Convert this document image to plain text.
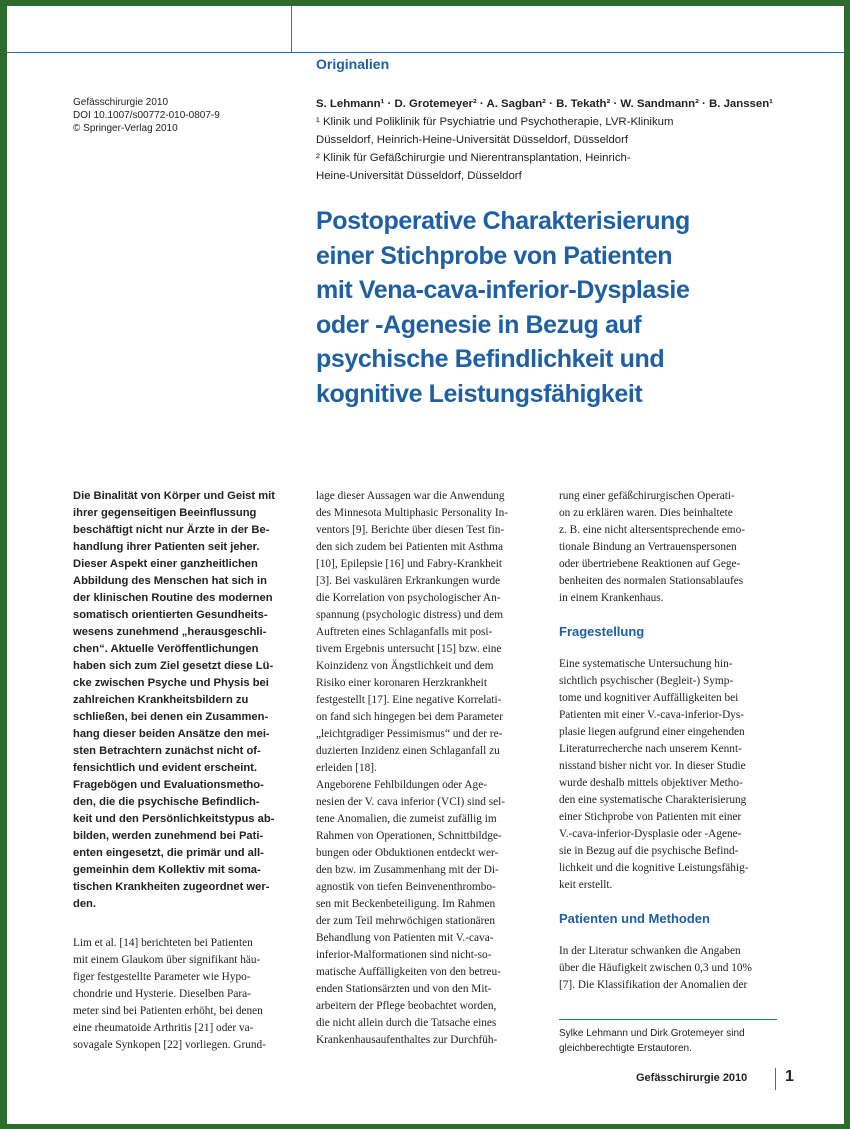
Originalien
Gefässchirurgie 2010
DOI 10.1007/s00772-010-0807-9
© Springer-Verlag 2010
S. Lehmann¹ · D. Grotemeyer² · A. Sagban² · B. Tekath² · W. Sandmann² · B. Janssen¹
¹ Klinik und Poliklinik für Psychiatrie und Psychotherapie, LVR-Klinikum
Düsseldorf, Heinrich-Heine-Universität Düsseldorf, Düsseldorf
² Klinik für Gefäßchirurgie und Nierentransplantation, Heinrich-
Heine-Universität Düsseldorf, Düsseldorf
Postoperative Charakterisierung
einer Stichprobe von Patienten
mit Vena-cava-inferior-Dysplasie
oder -Agenesie in Bezug auf
psychische Befindlichkeit und
kognitive Leistungsfähigkeit
Die Binalität von Körper und Geist mit
ihrer gegenseitigen Beeinflussung
beschäftigt nicht nur Ärzte in der Be-
handlung ihrer Patienten seit jeher.
Dieser Aspekt einer ganzheitlichen
Abbildung des Menschen hat sich in
der klinischen Routine des modernen
somatisch orientierten Gesundheits-
wesens zunehmend „herausgeschli-
chen“. Aktuelle Veröffentlichungen
haben sich zum Ziel gesetzt diese Lü-
cke zwischen Psyche und Physis bei
zahlreichen Krankheitsbildern zu
schließen, bei denen ein Zusammen-
hang dieser beiden Ansätze den mei-
sten Betrachtern zunächst nicht of-
fensichtlich und evident erscheint.
Fragebögen und Evaluationsmetho-
den, die die psychische Befindlich-
keit und den Persönlichkeitstypus ab-
bilden, werden zunehmend bei Pati-
enten eingesetzt, die primär und all-
gemeinhin dem Kollektiv mit soma-
tischen Krankheiten zugeordnet wer-
den.
Lim et al. [14] berichteten bei Patienten
mit einem Glaukom über signifikant häu-
figer festgestellte Parameter wie Hypo-
chondrie und Hysterie. Dieselben Para-
meter sind bei Patienten erhöht, bei denen
eine rheumatoide Arthritis [21] oder va-
sovagale Synkopen [22] vorliegen. Grund-
lage dieser Aussagen war die Anwendung
des Minnesota Multiphasic Personality In-
ventors [9]. Berichte über diesen Test fin-
den sich zudem bei Patienten mit Asthma
[10], Epilepsie [16] und Fabry-Krankheit
[3]. Bei vaskulären Erkrankungen wurde
die Korrelation von psychologischer An-
spannung (psychologic distress) und dem
Auftreten eines Schlaganfalls mit posi-
tivem Ergebnis untersucht [15] bzw. eine
Koinzidenz von Ängstlichkeit und dem
Risiko einer koronaren Herzkrankheit
festgestellt [17]. Eine negative Korrelati-
on fand sich hingegen bei dem Parameter
„leichtgradiger Pessimismus“ und der re-
duzierten Inzidenz einen Schlaganfall zu
erleiden [18].
Angeborene Fehlbildungen oder Age-
nesien der V. cava inferior (VCI) sind sel-
tene Anomalien, die zumeist zufällig im
Rahmen von Operationen, Schnittbildge-
bungen oder Obduktionen entdeckt wer-
den bzw. im Zusammenhang mit der Di-
agnostik von tiefen Beinvenenthrombo-
sen mit Beckenbeteiligung. Im Rahmen
der zum Teil mehrwöchigen stationären
Behandlung von Patienten mit V.-cava-
inferior-Malformationen sind nicht-so-
matische Auffälligkeiten von den betreu-
enden Stationsärzten und von den Mit-
arbeitern der Pflege beobachtet worden,
die nicht allein durch die Tatsache eines
Krankenhausaufenthaltes zur Durchfüh-
rung einer gefäßchirurgischen Operati-
on zu erklären waren. Dies beinhaltete
z. B. eine nicht altersentsprechende emo-
tionale Bindung an Vertrauenspersonen
oder übertriebene Reaktionen auf Gege-
benheiten des normalen Stationsablaufes
in einem Krankenhaus.
Fragestellung
Eine systematische Untersuchung hin-
sichtlich psychischer (Begleit-) Symp-
tome und kognitiver Auffälligkeiten bei
Patienten mit einer V.-cava-inferior-Dys-
plasie liegen aufgrund einer eingehenden
Literaturrecherche nach unserem Kennt-
nisstand bisher nicht vor. In dieser Studie
wurde deshalb mittels objektiver Metho-
den eine systematische Charakterisierung
einer Stichprobe von Patienten mit einer
V.-cava-inferior-Dysplasie oder -Agene-
sie in Bezug auf die psychische Befind-
lichkeit und die kognitive Leistungsfähig-
keit erstellt.
Patienten und Methoden
In der Literatur schwanken die Angaben
über die Häufigkeit zwischen 0,3 und 10%
[7]. Die Klassifikation der Anomalien der
Sylke Lehmann und Dirk Grotemeyer sind
gleichberechtigte Erstautoren.
Gefässchirurgie 2010 1
